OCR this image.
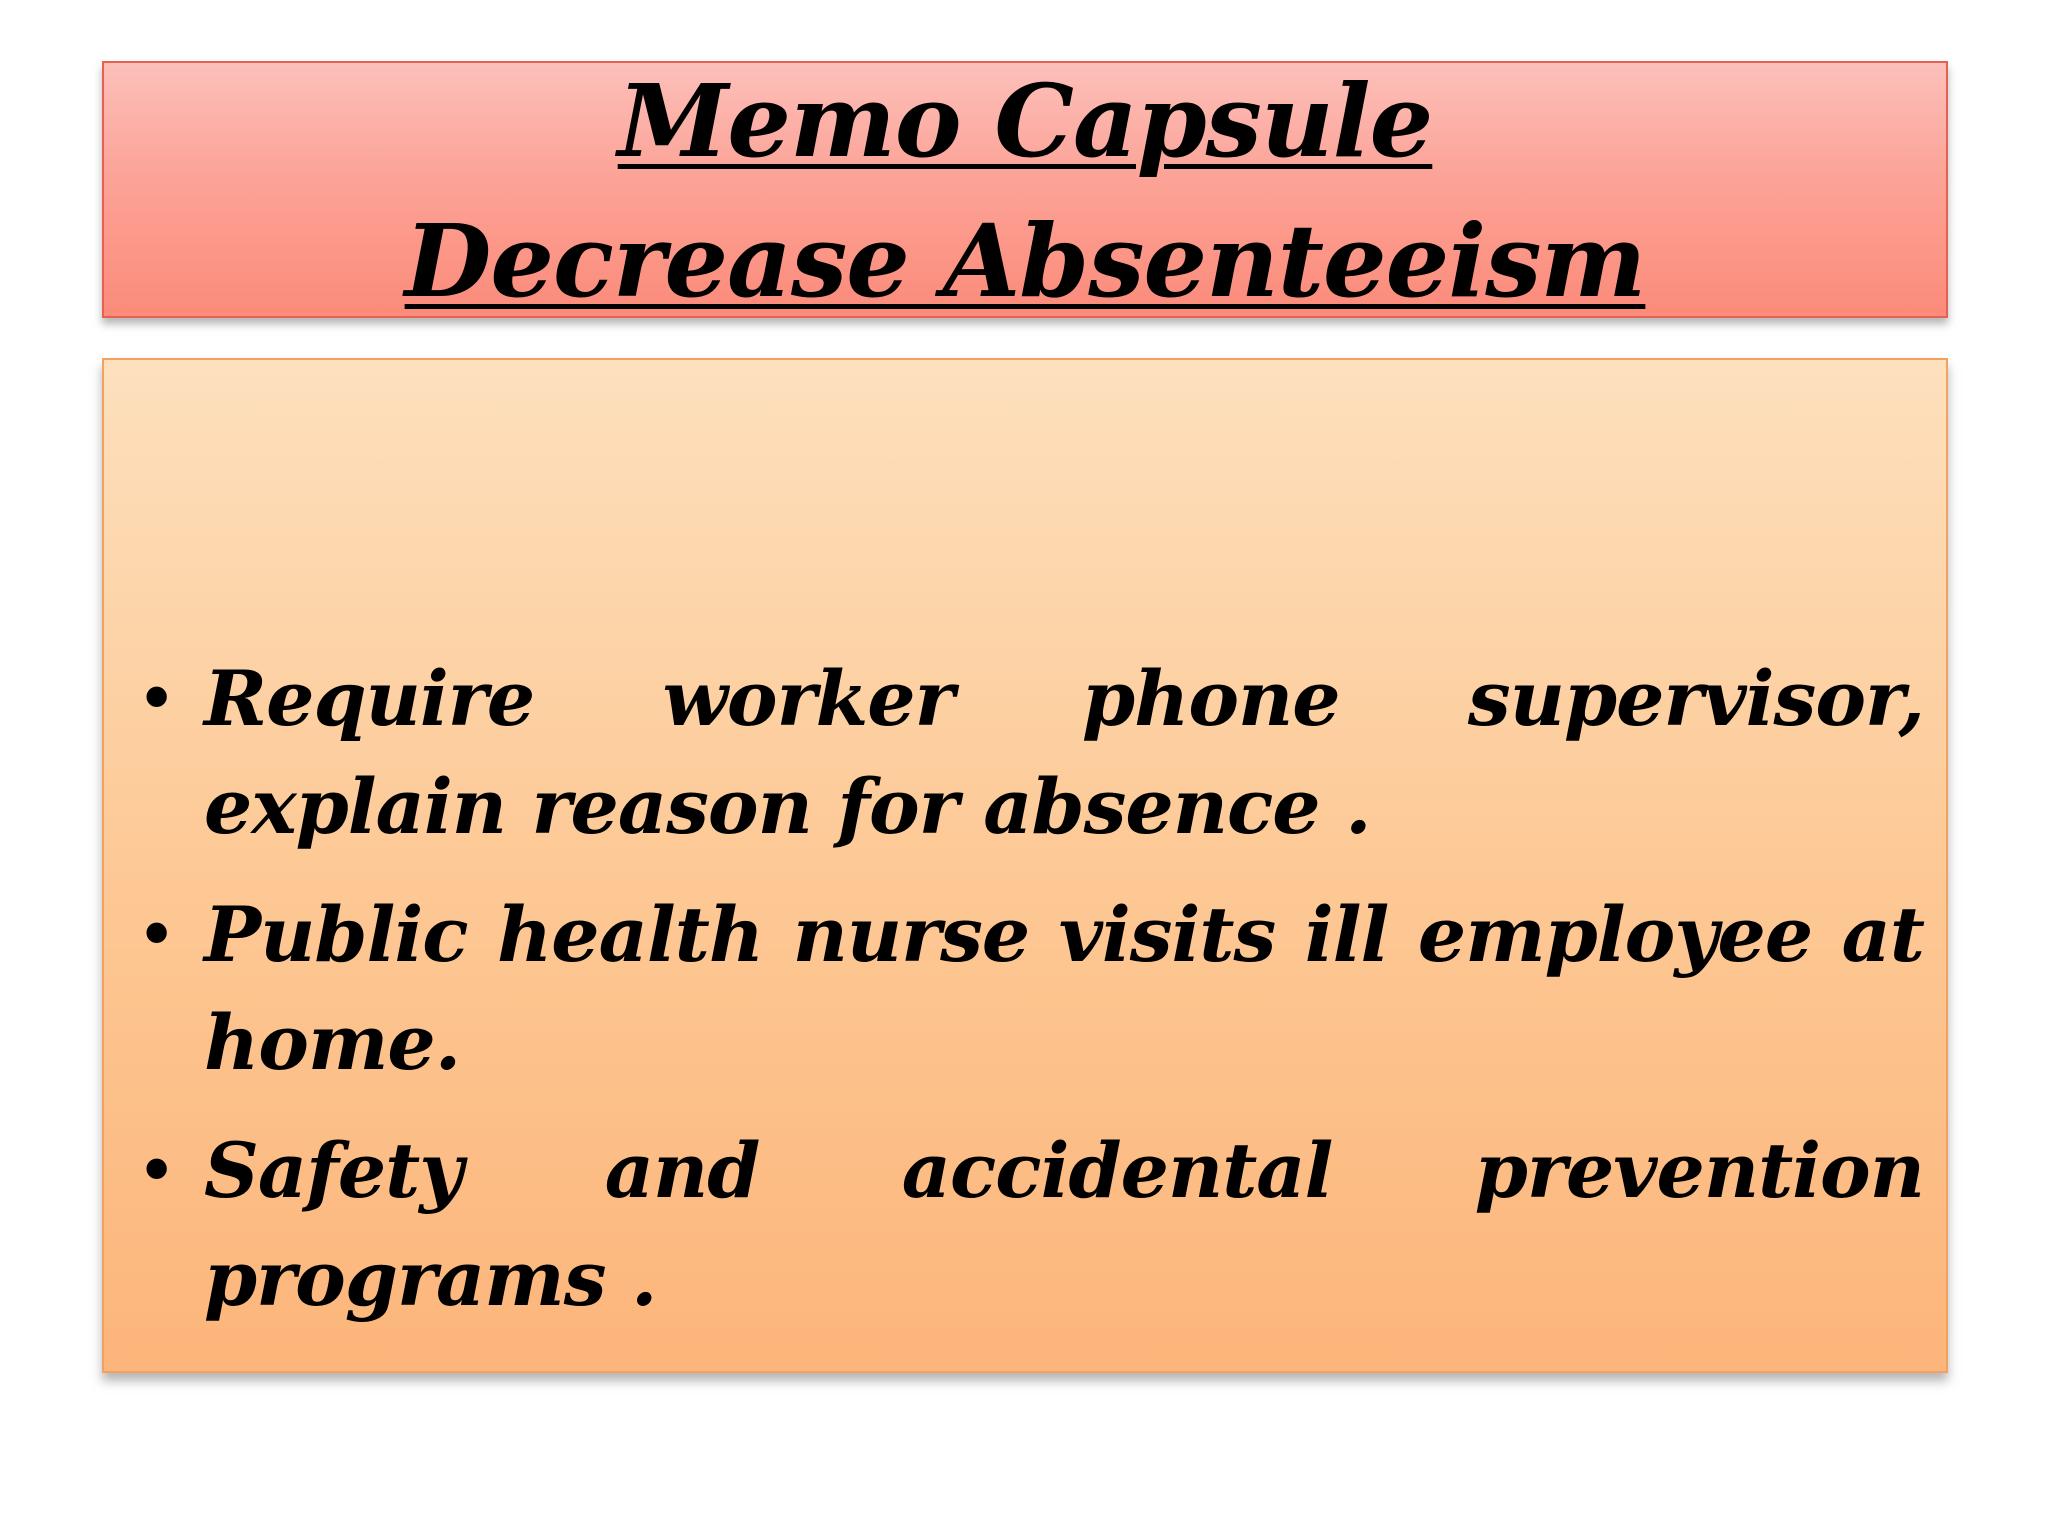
Memo Capsule
Decrease Absenteeism
• Require worker phone supervisor, explain reason for absence .
• Public health nurse visits ill employee at home.
• Safety and accidental prevention programs .
